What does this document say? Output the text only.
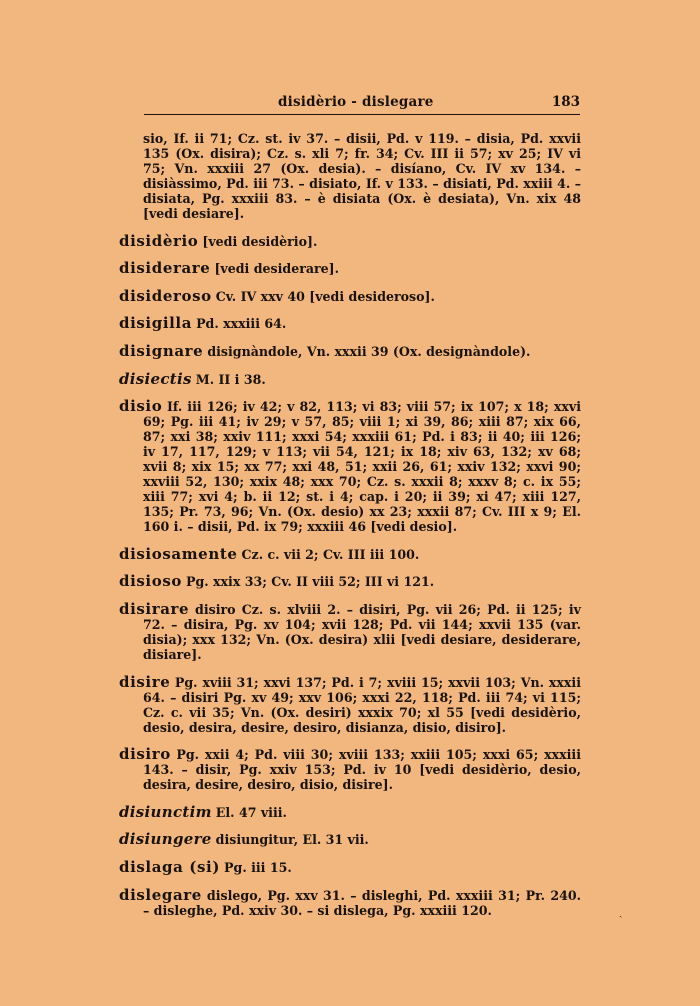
disidèrio - dislegare	183

sio, If. ii 71; Cz. st. iv 37. – disii, Pd. v 119. – disia, Pd. xxvii 135 (Ox. disira); Cz. s. xli 7; fr. 34; Cv. III ii 57; xv 25; IV vi 75; Vn. xxxiii 27 (Ox. desia). – disíano, Cv. IV xv 134. – disiàssimo, Pd. iii 73. – disiato, If. v 133. – disiati, Pd. xxiii 4. – disiata, Pg. xxxiii 83. – è disiata (Ox. è desiata), Vn. xix 48 [vedi desiare].

disidèrio [vedi desidèrio].

disiderare [vedi desiderare].

disideroso Cv. IV xxv 40 [vedi desideroso].

disigilla Pd. xxxiii 64.

disignare disignàndole, Vn. xxxii 39 (Ox. designàndole).

disiectis M. II i 38.

disio If. iii 126; iv 42; v 82, 113; vi 83; viii 57; ix 107; x 18; xxvi 69; Pg. iii 41; iv 29; v 57, 85; viii 1; xi 39, 86; xiii 87; xix 66, 87; xxi 38; xxiv 111; xxxi 54; xxxiii 61; Pd. i 83; ii 40; iii 126; iv 17, 117, 129; v 113; vii 54, 121; ix 18; xiv 63, 132; xv 68; xvii 8; xix 15; xx 77; xxi 48, 51; xxii 26, 61; xxiv 132; xxvi 90; xxviii 52, 130; xxix 48; xxx 70; Cz. s. xxxii 8; xxxv 8; c. ix 55; xiii 77; xvi 4; b. ii 12; st. i 4; cap. i 20; ii 39; xi 47; xiii 127, 135; Pr. 73, 96; Vn. (Ox. desio) xx 23; xxxii 87; Cv. III x 9; El. 160 i. – disii, Pd. ix 79; xxxiii 46 [vedi desio].

disiosamente Cz. c. vii 2; Cv. III iii 100.

disioso Pg. xxix 33; Cv. II viii 52; III vi 121.

disirare disiro Cz. s. xlviii 2. – disiri, Pg. vii 26; Pd. ii 125; iv 72. – disira, Pg. xv 104; xvii 128; Pd. vii 144; xxvii 135 (var. disia); xxx 132; Vn. (Ox. desira) xlii [vedi desiare, desiderare, disiare].

disire Pg. xviii 31; xxvi 137; Pd. i 7; xviii 15; xxvii 103; Vn. xxxii 64. – disiri Pg. xv 49; xxv 106; xxxi 22, 118; Pd. iii 74; vi 115; Cz. c. vii 35; Vn. (Ox. desiri) xxxix 70; xl 55 [vedi desidèrio, desio, desira, desire, desiro, disianza, disio, disiro].

disiro Pg. xxii 4; Pd. viii 30; xviii 133; xxiii 105; xxxi 65; xxxiii 143. – disir, Pg. xxiv 153; Pd. iv 10 [vedi desidèrio, desio, desira, desire, desiro, disio, disire].

disiunctim El. 47 viii.

disiungere disiungitur, El. 31 vii.

dislaga (si) Pg. iii 15.

dislegare dislego, Pg. xxv 31. – disleghi, Pd. xxxiii 31; Pr. 240. – disleghe, Pd. xxiv 30. – si dislega, Pg. xxxiii 120.	ˎ
